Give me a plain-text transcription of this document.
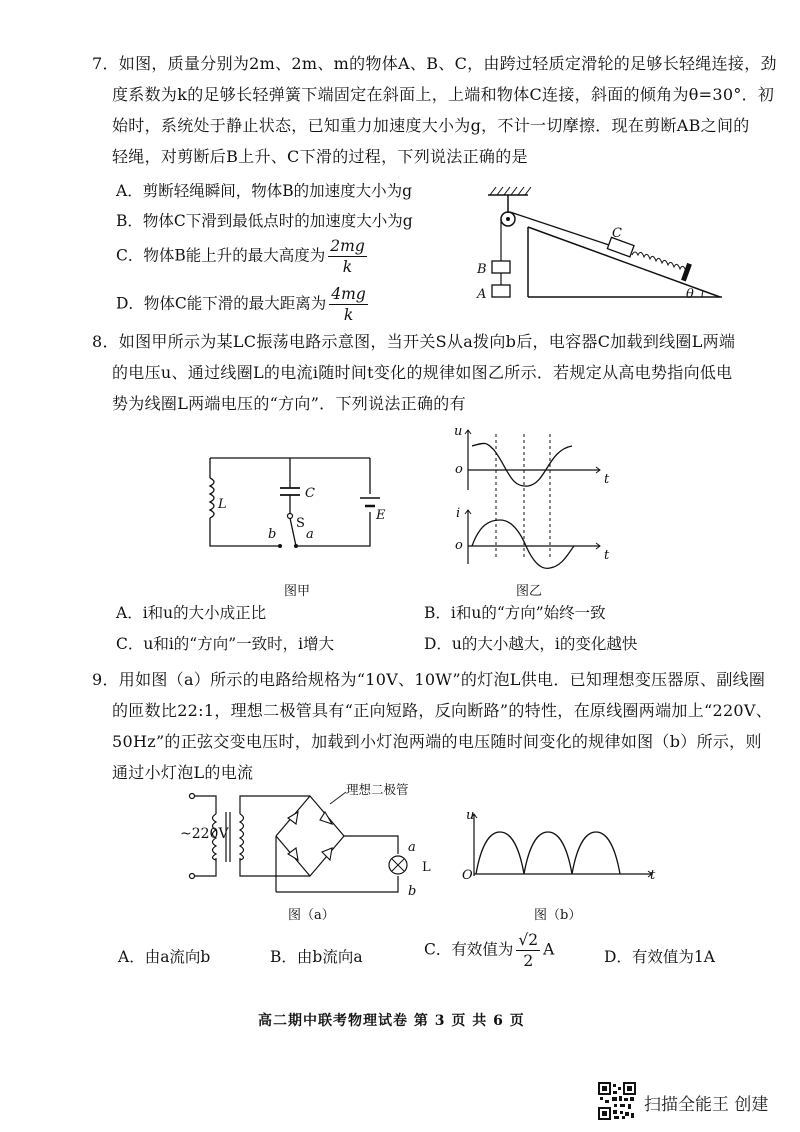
7．如图，质量分别为2m、2m、m的物体A、B、C，由跨过轻质定滑轮的足够长轻绳连接，劲
度系数为k的足够长轻弹簧下端固定在斜面上，上端和物体C连接，斜面的倾角为θ=30°．初
始时，系统处于静止状态，已知重力加速度大小为g，不计一切摩擦．现在剪断AB之间的
轻绳，对剪断后B上升、C下滑的过程，下列说法正确的是
A．剪断轻绳瞬间，物体B的加速度大小为g
B．物体C下滑到最低点时的加速度大小为g
C．物体B能上升的最大高度为 $\frac{2mg}{k}$
D．物体C能下滑的最大距离为 $\frac{4mg}{k}$
C
B
A	θ
8．如图甲所示为某LC振荡电路示意图，当开关S从a拨向b后，电容器C加载到线圈L两端
的电压u、通过线圈L的电流i随时间t变化的规律如图乙所示．若规定从高电势指向低电
势为线圈L两端电压的“方向”．下列说法正确的有
L
C
S
a
b
E
图甲
u
o
t
i
o
t
图乙
A．i和u的大小成正比	B．i和u的“方向”始终一致
C．u和i的“方向”一致时，i增大	D．u的大小越大，i的变化越快
9．用如图（a）所示的电路给规格为“10V、10W”的灯泡L供电．已知理想变压器原、副线圈
的匝数比22:1，理想二极管具有“正向短路，反向断路”的特性，在原线圈两端加上“220V、
50Hz”的正弦交变电压时，加载到小灯泡两端的电压随时间变化的规律如图（b）所示，则
通过小灯泡L的电流
~220V
理想二极管
a
L
b
图（a）
u
O	t
图（b）
A．由a流向b	B．由b流向a	C．有效值为 $\frac{√2}{2}$ A	D．有效值为1A
高二期中联考物理试卷 第 3 页 共 6 页
扫描全能王 创建
